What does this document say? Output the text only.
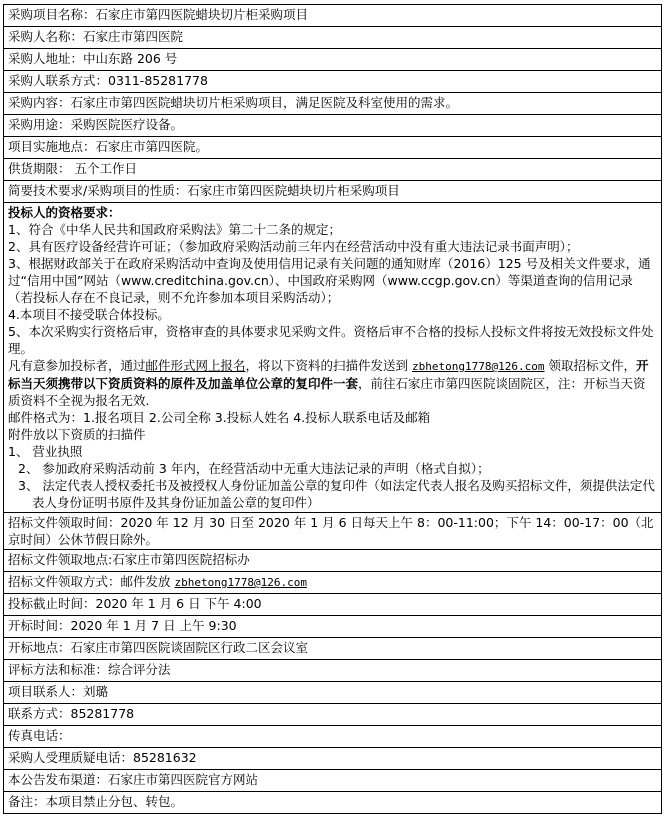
采购项目名称：石家庄市第四医院蜡块切片柜采购项目
采购人名称：石家庄市第四医院
采购人地址：中山东路 206 号
采购人联系方式：0311-85281778
采购内容：石家庄市第四医院蜡块切片柜采购项目，满足医院及科室使用的需求。
采购用途：采购医院医疗设备。
项目实施地点：石家庄市第四医院。
供货期限： 五个工作日
简要技术要求/采购项目的性质：石家庄市第四医院蜡块切片柜采购项目

投标人的资格要求：
1、符合《中华人民共和国政府采购法》第二十二条的规定；
2、具有医疗设备经营许可证；（参加政府采购活动前三年内在经营活动中没有重大违法记录书面声明）；
3、根据财政部关于在政府采购活动中查询及使用信用记录有关问题的通知财库（2016）125 号及相关文件要求，通过“信用中国”网站（www.creditchina.gov.cn）、中国政府采购网（www.ccgp.gov.cn）等渠道查询的信用记录（若投标人存在不良记录，则不允许参加本项目采购活动）；
4.本项目不接受联合体投标。
5、本次采购实行资格后审，资格审查的具体要求见采购文件。资格后审不合格的投标人投标文件将按无效投标文件处理。
凡有意参加投标者，通过邮件形式网上报名，将以下资料的扫描件发送到 zbhetong1778@126.com 领取招标文件，开标当天须携带以下资质资料的原件及加盖单位公章的复印件一套，前往石家庄市第四医院谈固院区，注：开标当天资质资料不全视为报名无效.
邮件格式为：1.报名项目 2.公司全称 3.投标人姓名 4.投标人联系电话及邮箱
附件放以下资质的扫描件
1、 营业执照
2、 参加政府采购活动前 3 年内，在经营活动中无重大违法记录的声明（格式自拟）；
3、 法定代表人授权委托书及被授权人身份证加盖公章的复印件（如法定代表人报名及购买招标文件，须提供法定代表人身份证明书原件及其身份证加盖公章的复印件）

招标文件领取时间：2020 年 12 月 30 日至 2020 年 1 月 6 日每天上午 8：00-11:00；下午 14：00-17：00（北京时间）公休节假日除外。
招标文件领取地点:石家庄市第四医院招标办
招标文件领取方式：邮件发放 zbhetong1778@126.com
投标截止时间：2020 年 1 月 6 日 下午 4:00
开标时间：2020 年 1 月 7 日 上午 9:30
开标地点：石家庄市第四医院谈固院区行政二区会议室
评标方法和标准：综合评分法
项目联系人：刘璐
联系方式：85281778
传真电话：
采购人受理质疑电话：85281632
本公告发布渠道：石家庄市第四医院官方网站
备注：本项目禁止分包、转包。
